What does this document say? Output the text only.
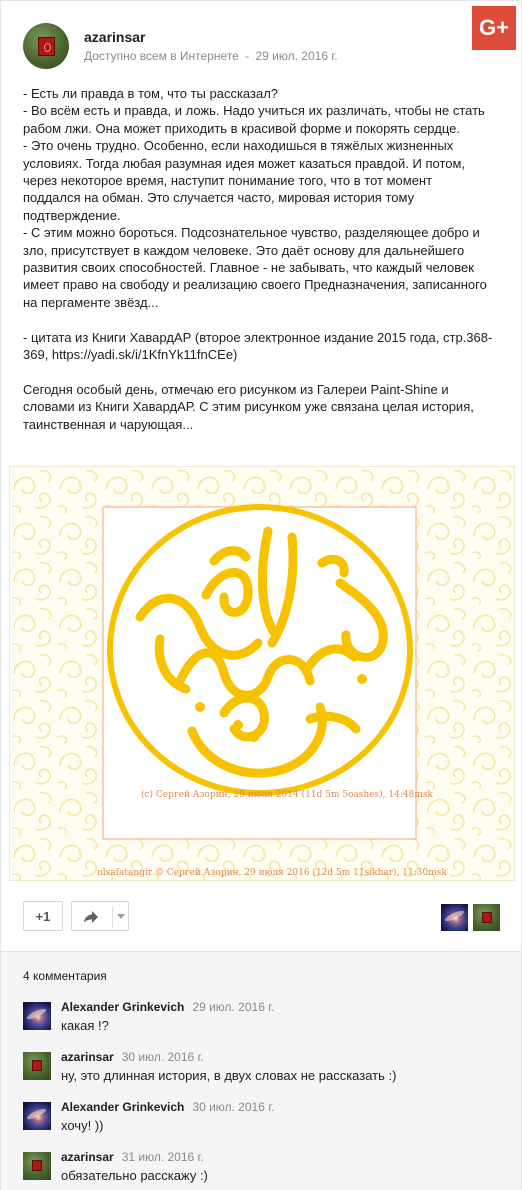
G+
azarinsar
Доступно всем в Интернете - 29 июл. 2016 г.

- Есть ли правда в том, что ты рассказал?

- Во всём есть и правда, и ложь. Надо учиться их различать, чтобы не стать

рабом лжи. Она может приходить в красивой форме и покорять сердце.

- Это очень трудно. Особенно, если находишься в тяжёлых жизненных

условиях. Тогда любая разумная идея может казаться правдой. И потом,

через некоторое время, наступит понимание того, что в тот момент

поддался на обман. Это случается часто, мировая история тому

подтверждение.

- С этим можно бороться. Подсознательное чувство, разделяющее добро и

зло, присутствует в каждом человеке. Это даёт основу для дальнейшего

развития своих способностей. Главное - не забывать, что каждый человек

имеет право на свободу и реализацию своего Предназначения, записанного

на пергаменте звёзд...

- цитата из Книги ХавардАР (второе электронное издание 2015 года, стр.368-

369, https://yadi.sk/i/1KfnYk11fnCEe)

Сегодня особый день, отмечаю его рисунком из Галереи Paint-Shine и

словами из Книги ХавардАР. С этим рисунком уже связана целая история,

таинственная и чарующая...

(c) Сергей Азорин, 29 июля 2014 (11d 5m 5oashes), 14:48msk
ulsafatangir © Сергей Азорин, 29 июля 2016 (12d 5m 11sikhar), 11:30msk
+1
4 комментария
Alexander Grinkevich 29 июл. 2016 г.
какая !?
azarinsar 30 июл. 2016 г.
ну, это длинная история, в двух словах не рассказать :)
Alexander Grinkevich 30 июл. 2016 г.
хочу! ))
azarinsar 31 июл. 2016 г.
обязательно расскажу :)
